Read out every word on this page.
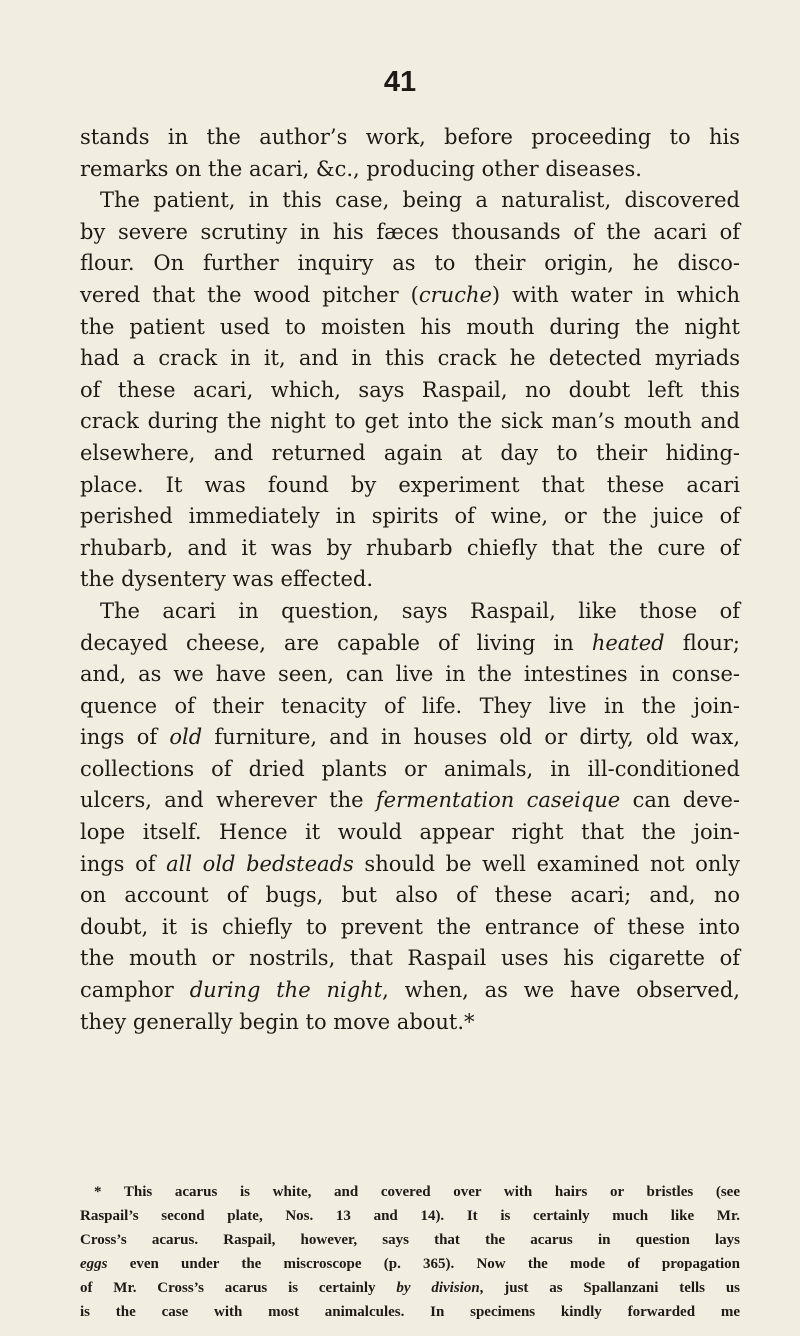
41
stands in the author’s work, before proceeding to his
remarks on the acari, &c., producing other diseases.
The patient, in this case, being a naturalist, discovered
by severe scrutiny in his fæces thousands of the acari of
flour. On further inquiry as to their origin, he disco-
vered that the wood pitcher (cruche) with water in which
the patient used to moisten his mouth during the night
had a crack in it, and in this crack he detected myriads
of these acari, which, says Raspail, no doubt left this
crack during the night to get into the sick man’s mouth and
elsewhere, and returned again at day to their hiding-
place. It was found by experiment that these acari
perished immediately in spirits of wine, or the juice of
rhubarb, and it was by rhubarb chiefly that the cure of
the dysentery was effected.
The acari in question, says Raspail, like those of
decayed cheese, are capable of living in heated flour;
and, as we have seen, can live in the intestines in conse-
quence of their tenacity of life. They live in the join-
ings of old furniture, and in houses old or dirty, old wax,
collections of dried plants or animals, in ill-conditioned
ulcers, and wherever the fermentation caseique can deve-
lope itself. Hence it would appear right that the join-
ings of all old bedsteads should be well examined not only
on account of bugs, but also of these acari; and, no
doubt, it is chiefly to prevent the entrance of these into
the mouth or nostrils, that Raspail uses his cigarette of
camphor during the night, when, as we have observed,
they generally begin to move about.*
* This acarus is white, and covered over with hairs or bristles (see
Raspail’s second plate, Nos. 13 and 14). It is certainly much like Mr.
Cross’s acarus. Raspail, however, says that the acarus in question lays
eggs even under the miscroscope (p. 365). Now the mode of propagation
of Mr. Cross’s acarus is certainly by division, just as Spallanzani tells us
is the case with most animalcules. In specimens kindly forwarded me
